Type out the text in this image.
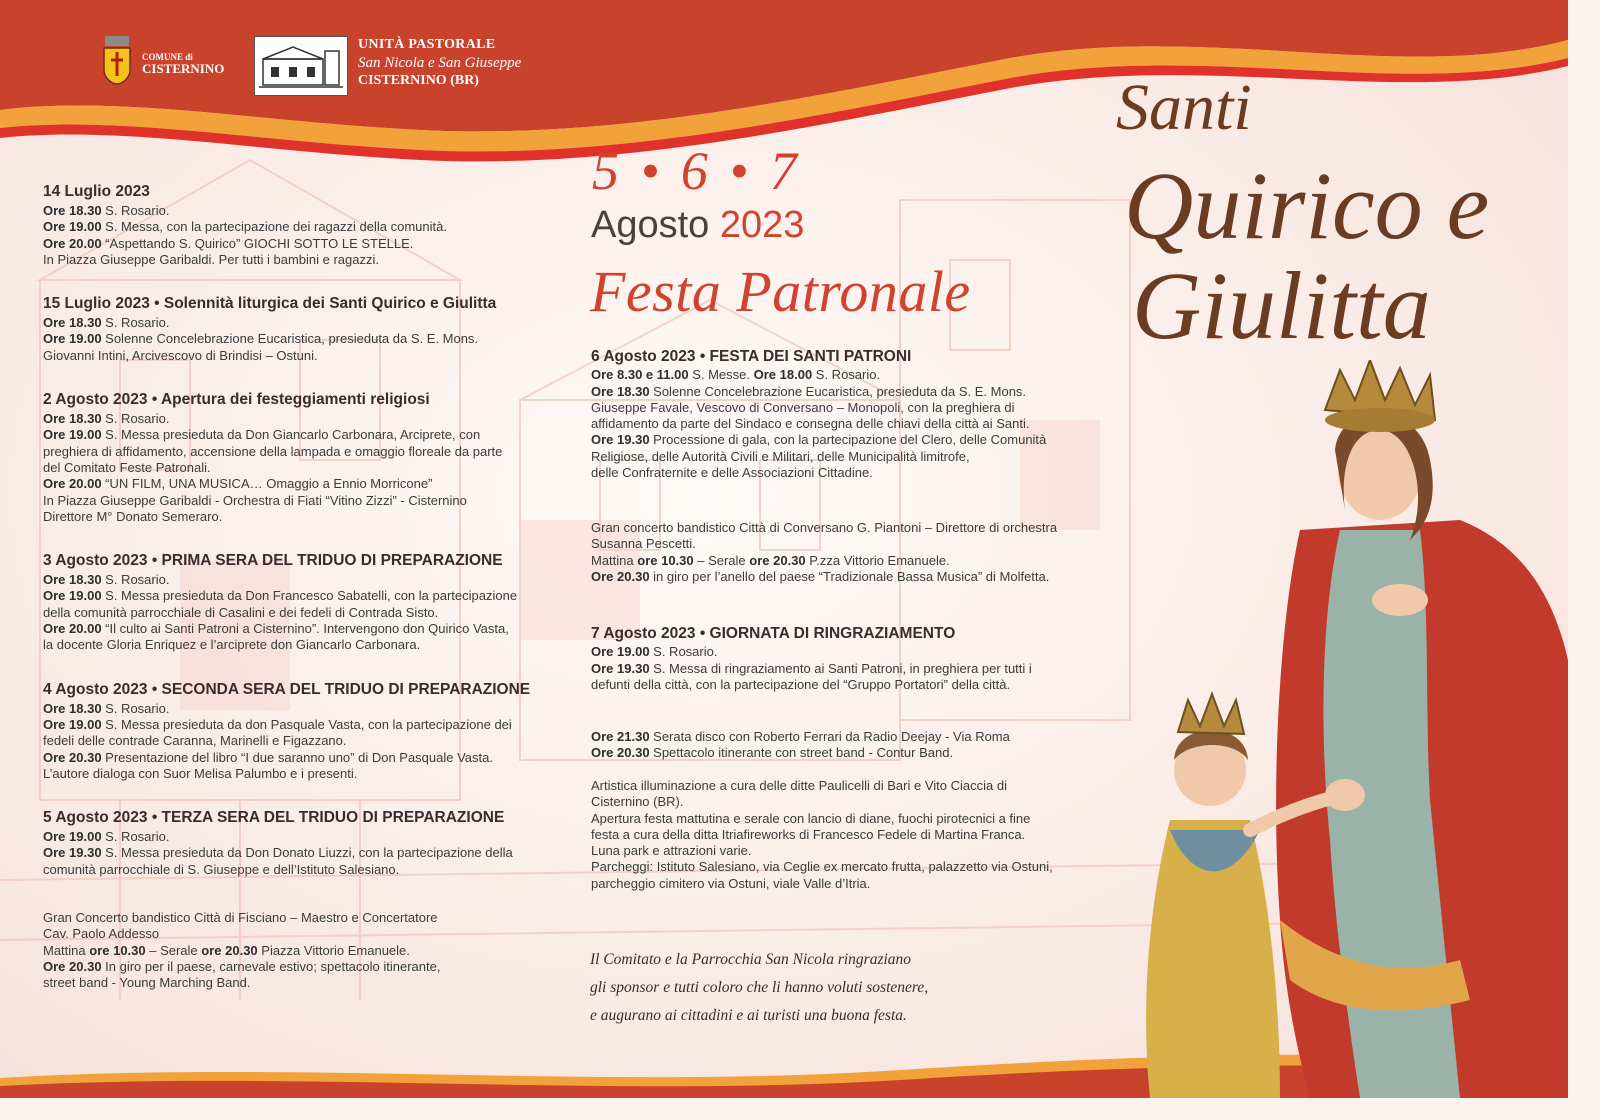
COMUNE di
CISTERNINO
UNITÀ PASTORALE
San Nicola e San Giuseppe
CISTERNINO (BR)
5 • 6 • 7
Agosto 2023
Festa Patronale
Santi
Quirico e
Giulitta
14 Luglio 2023
Ore 18.30 S. Rosario.
Ore 19.00 S. Messa, con la partecipazione dei ragazzi della comunità.
Ore 20.00 “Aspettando S. Quirico” GIOCHI SOTTO LE STELLE.
In Piazza Giuseppe Garibaldi. Per tutti i bambini e ragazzi.
15 Luglio 2023 • Solennità liturgica dei Santi Quirico e Giulitta
Ore 18.30 S. Rosario.
Ore 19.00 Solenne Concelebrazione Eucaristica, presieduta da S. E. Mons.
Giovanni Intini, Arcivescovo di Brindisi – Ostuni.
2 Agosto 2023 • Apertura dei festeggiamenti religiosi
Ore 18.30 S. Rosario.
Ore 19.00 S. Messa presieduta da Don Giancarlo Carbonara, Arciprete, con
preghiera di affidamento, accensione della lampada e omaggio floreale da parte
del Comitato Feste Patronali.
Ore 20.00 “UN FILM, UNA MUSICA… Omaggio a Ennio Morricone”
In Piazza Giuseppe Garibaldi - Orchestra di Fiati “Vitino Zizzi” - Cisternino
Direttore M° Donato Semeraro.
3 Agosto 2023 • PRIMA SERA DEL TRIDUO DI PREPARAZIONE
Ore 18.30 S. Rosario.
Ore 19.00 S. Messa presieduta da Don Francesco Sabatelli, con la partecipazione
della comunità parrocchiale di Casalini e dei fedeli di Contrada Sisto.
Ore 20.00 “Il culto ai Santi Patroni a Cisternino”. Intervengono don Quirico Vasta,
la docente Gloria Enriquez e l’arciprete don Giancarlo Carbonara.
4 Agosto 2023 • SECONDA SERA DEL TRIDUO DI PREPARAZIONE
Ore 18.30 S. Rosario.
Ore 19.00 S. Messa presieduta da don Pasquale Vasta, con la partecipazione dei
fedeli delle contrade Caranna, Marinelli e Figazzano.
Ore 20.30 Presentazione del libro “I due saranno uno” di Don Pasquale Vasta.
L’autore dialoga con Suor Melisa Palumbo e i presenti.
5 Agosto 2023 • TERZA SERA DEL TRIDUO DI PREPARAZIONE
Ore 19.00 S. Rosario.
Ore 19.30 S. Messa presieduta da Don Donato Liuzzi, con la partecipazione della
comunità parrocchiale di S. Giuseppe e dell’Istituto Salesiano.
Gran Concerto bandistico Città di Fisciano – Maestro e Concertatore
Cav. Paolo Addesso
Mattina ore 10.30 – Serale ore 20.30 Piazza Vittorio Emanuele.
Ore 20.30 In giro per il paese, carnevale estivo; spettacolo itinerante,
street band - Young Marching Band.
6 Agosto 2023 • FESTA DEI SANTI PATRONI
Ore 8.30 e 11.00 S. Messe. Ore 18.00 S. Rosario.
Ore 18.30 Solenne Concelebrazione Eucaristica, presieduta da S. E. Mons.
Giuseppe Favale, Vescovo di Conversano – Monopoli, con la preghiera di
affidamento da parte del Sindaco e consegna delle chiavi della città ai Santi.
Ore 19.30 Processione di gala, con la partecipazione del Clero, delle Comunità
Religiose, delle Autorità Civili e Militari, delle Municipalità limitrofe,
delle Confraternite e delle Associazioni Cittadine.
Gran concerto bandistico Città di Conversano G. Piantoni – Direttore di orchestra
Susanna Pescetti.
Mattina ore 10.30 – Serale ore 20.30 P.zza Vittorio Emanuele.
Ore 20.30 in giro per l’anello del paese “Tradizionale Bassa Musica” di Molfetta.
7 Agosto 2023 • GIORNATA DI RINGRAZIAMENTO
Ore 19.00 S. Rosario.
Ore 19.30 S. Messa di ringraziamento ai Santi Patroni, in preghiera per tutti i
defunti della città, con la partecipazione del “Gruppo Portatori” della città.
Ore 21.30 Serata disco con Roberto Ferrari da Radio Deejay - Via Roma
Ore 20.30 Spettacolo itinerante con street band - Contur Band.
Artistica illuminazione a cura delle ditte Paulicelli di Bari e Vito Ciaccia di
Cisternino (BR).
Apertura festa mattutina e serale con lancio di diane, fuochi pirotecnici a fine
festa a cura della ditta Itriafireworks di Francesco Fedele di Martina Franca.
Luna park e attrazioni varie.
Parcheggi: Istituto Salesiano, via Ceglie ex mercato frutta, palazzetto via Ostuni,
parcheggio cimitero via Ostuni, viale Valle d’Itria.
Il Comitato e la Parrocchia San Nicola ringraziano
gli sponsor e tutti coloro che li hanno voluti sostenere,
e augurano ai cittadini e ai turisti una buona festa.
